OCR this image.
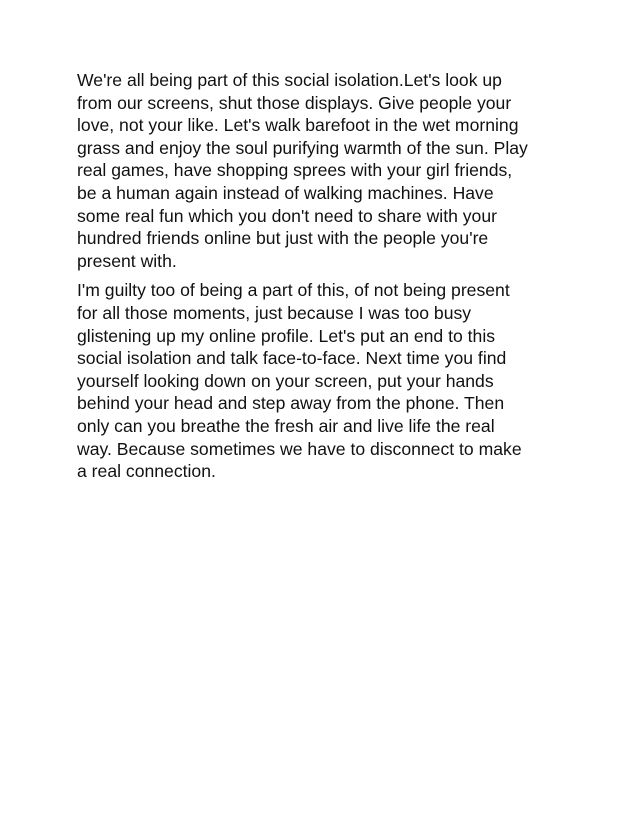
We're all being part of this social isolation.Let's look up
from our screens, shut those displays. Give people your
love, not your like. Let's walk barefoot in the wet morning
grass and enjoy the soul purifying warmth of the sun. Play
real games, have shopping sprees with your girl friends,
be a human again instead of walking machines. Have
some real fun which you don't need to share with your
hundred friends online but just with the people you're
present with.

I'm guilty too of being a part of this, of not being present
for all those moments, just because I was too busy
glistening up my online profile. Let's put an end to this
social isolation and talk face-to-face. Next time you find
yourself looking down on your screen, put your hands
behind your head and step away from the phone. Then
only can you breathe the fresh air and live life the real
way. Because sometimes we have to disconnect to make
a real connection.
